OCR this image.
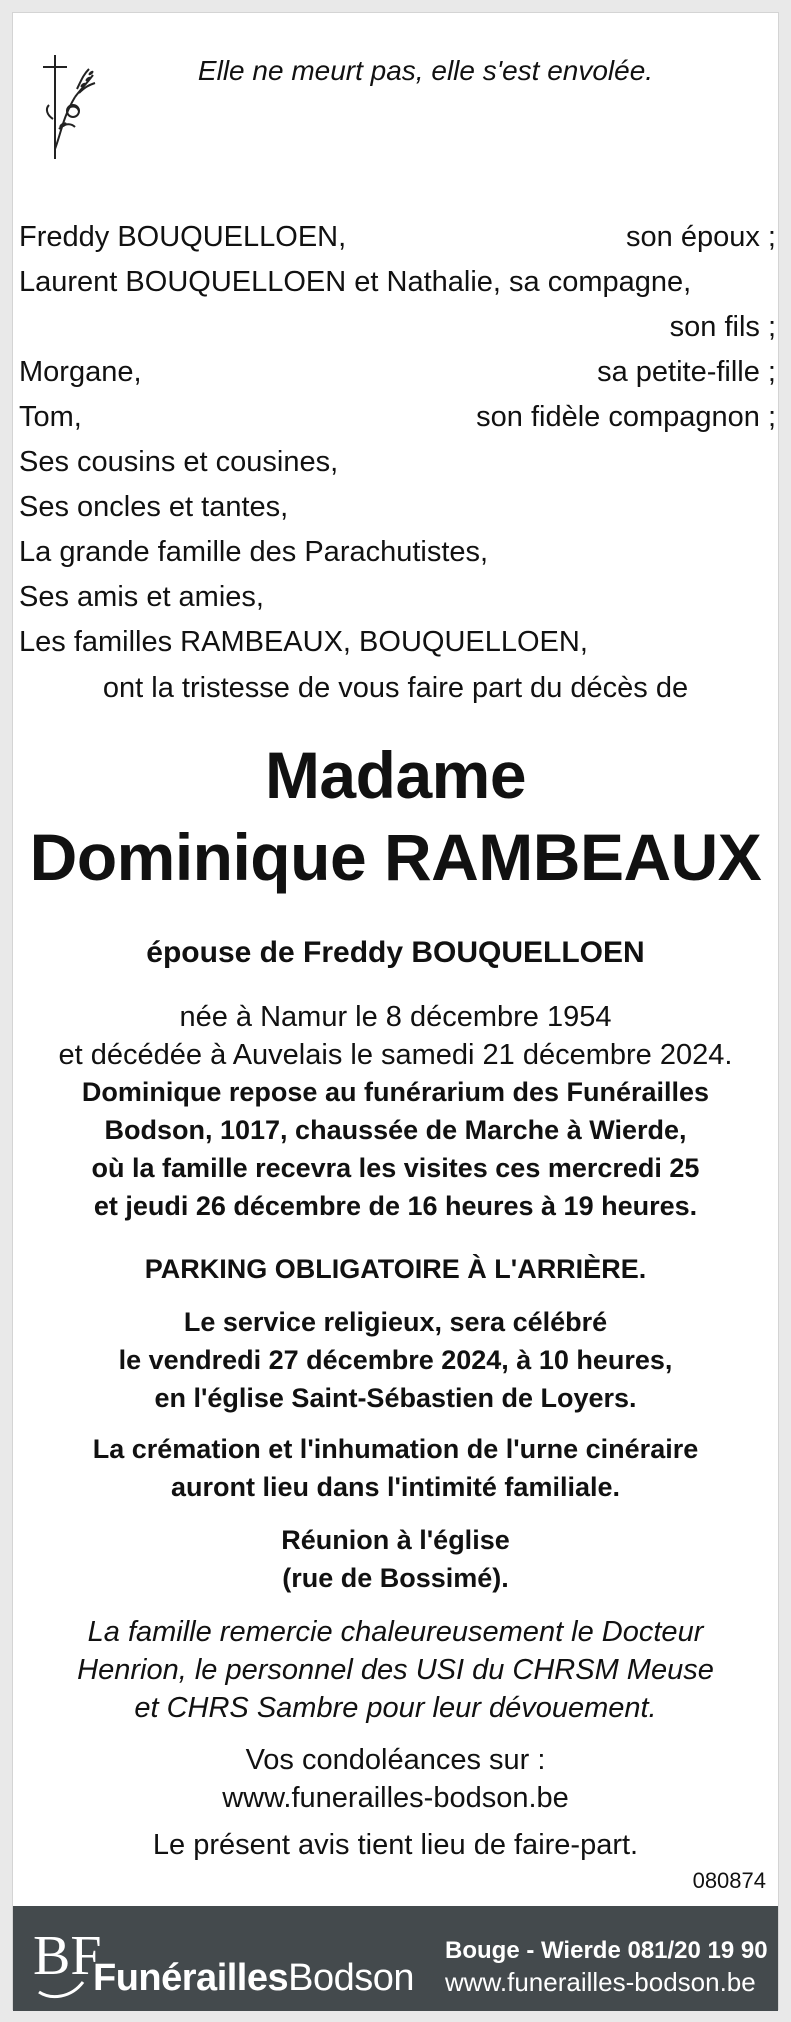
Elle ne meurt pas, elle s'est envolée.
Freddy BOUQUELLOEN,	son époux ;
Laurent BOUQUELLOEN et Nathalie, sa compagne,
son fils ;
Morgane,	sa petite-fille ;
Tom,	son fidèle compagnon ;
Ses cousins et cousines,
Ses oncles et tantes,
La grande famille des Parachutistes,
Ses amis et amies,
Les familles RAMBEAUX, BOUQUELLOEN,
ont la tristesse de vous faire part du décès de
Madame
Dominique RAMBEAUX
épouse de Freddy BOUQUELLOEN
née à Namur le 8 décembre 1954
et décédée à Auvelais le samedi 21 décembre 2024.
Dominique repose au funérarium des Funérailles
Bodson, 1017, chaussée de Marche à Wierde,
où la famille recevra les visites ces mercredi 25
et jeudi 26 décembre de 16 heures à 19 heures.
PARKING OBLIGATOIRE À L'ARRIÈRE.
Le service religieux, sera célébré
le vendredi 27 décembre 2024, à 10 heures,
en l'église Saint-Sébastien de Loyers.
La crémation et l'inhumation de l'urne cinéraire
auront lieu dans l'intimité familiale.
Réunion à l'église
(rue de Bossimé).
La famille remercie chaleureusement le Docteur
Henrion, le personnel des USI du CHRSM Meuse
et CHRS Sambre pour leur dévouement.
Vos condoléances sur :
www.funerailles-bodson.be
Le présent avis tient lieu de faire-part.
080874
BF
FunéraillesBodson
Bouge - Wierde 081/20 19 90
www.funerailles-bodson.be
